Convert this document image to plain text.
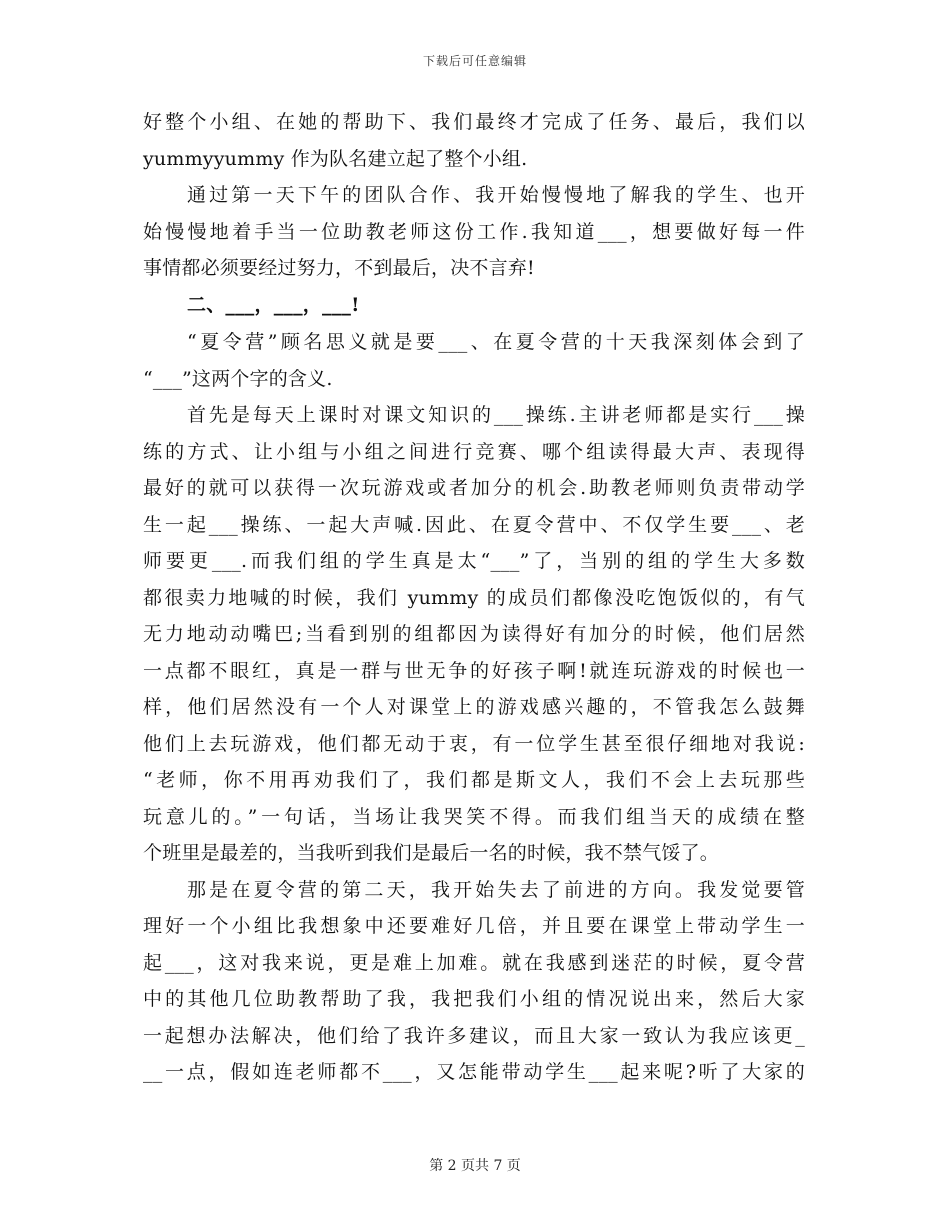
下载后可任意编辑
好整个小组、在她的帮助下、我们最终才完成了任务、最后，我们以
yummyyummy 作为队名建立起了整个小组.
通过第一天下午的团队合作、我开始慢慢地了解我的学生、也开
始慢慢地着手当一位助教老师这份工作.我知道___，想要做好每一件
事情都必须要经过努力，不到最后，决不言弃!
二、___，___，___!
“夏令营”顾名思义就是要___、在夏令营的十天我深刻体会到了
“___”这两个字的含义.
首先是每天上课时对课文知识的___操练.主讲老师都是实行___操
练的方式、让小组与小组之间进行竞赛、哪个组读得最大声、表现得
最好的就可以获得一次玩游戏或者加分的机会.助教老师则负责带动学
生一起___操练、一起大声喊.因此、在夏令营中、不仅学生要___、老
师要更___.而我们组的学生真是太“___”了，当别的组的学生大多数
都很卖力地喊的时候，我们 yummy 的成员们都像没吃饱饭似的，有气
无力地动动嘴巴;当看到别的组都因为读得好有加分的时候，他们居然
一点都不眼红，真是一群与世无争的好孩子啊!就连玩游戏的时候也一
样，他们居然没有一个人对课堂上的游戏感兴趣的，不管我怎么鼓舞
他们上去玩游戏，他们都无动于衷，有一位学生甚至很仔细地对我说:
“老师，你不用再劝我们了，我们都是斯文人，我们不会上去玩那些
玩意儿的。”一句话，当场让我哭笑不得。而我们组当天的成绩在整
个班里是最差的，当我听到我们是最后一名的时候，我不禁气馁了。
那是在夏令营的第二天，我开始失去了前进的方向。我发觉要管
理好一个小组比我想象中还要难好几倍，并且要在课堂上带动学生一
起___，这对我来说，更是难上加难。就在我感到迷茫的时候，夏令营
中的其他几位助教帮助了我，我把我们小组的情况说出来，然后大家
一起想办法解决，他们给了我许多建议，而且大家一致认为我应该更_
__一点，假如连老师都不___，又怎能带动学生___起来呢?听了大家的
第 2 页共 7 页
